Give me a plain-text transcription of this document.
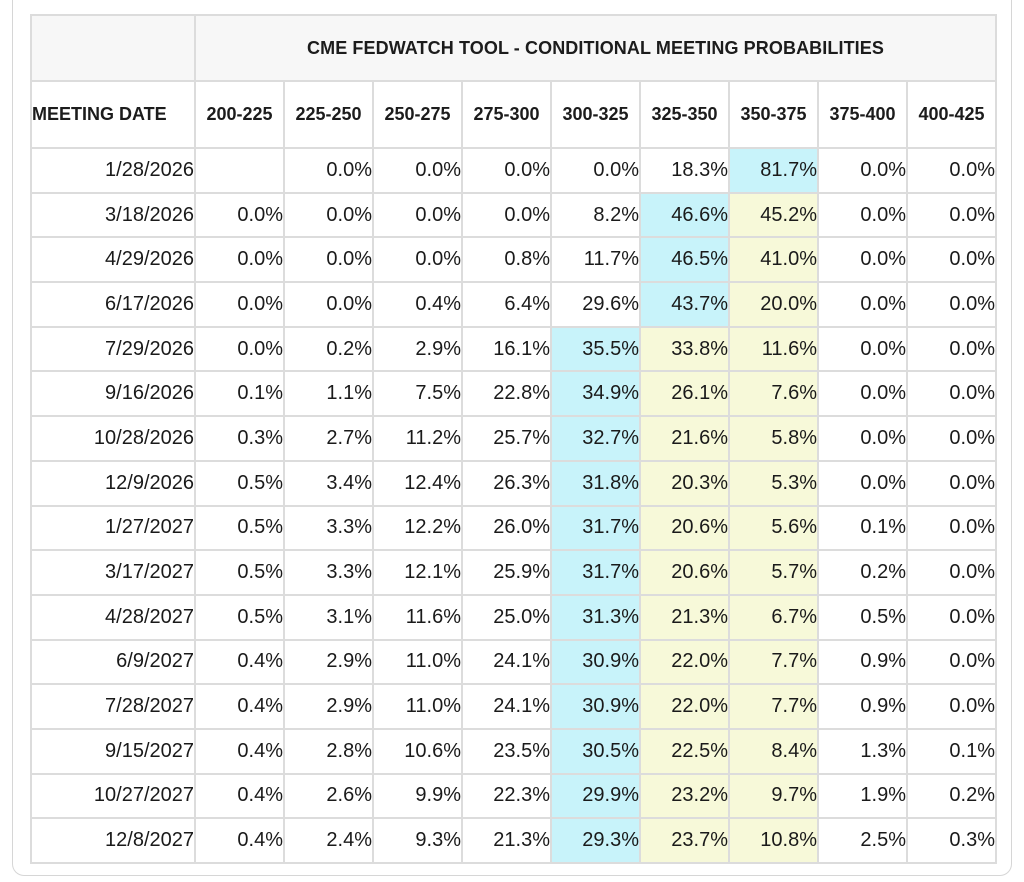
	CME FEDWATCH TOOL - CONDITIONAL MEETING PROBABILITIES								
MEETING DATE	200-225	225-250	250-275	275-300	300-325	325-350	350-375	375-400	400-425
1/28/2026		0.0%	0.0%	0.0%	0.0%	18.3%	81.7%	0.0%	0.0%
3/18/2026	0.0%	0.0%	0.0%	0.0%	8.2%	46.6%	45.2%	0.0%	0.0%
4/29/2026	0.0%	0.0%	0.0%	0.8%	11.7%	46.5%	41.0%	0.0%	0.0%
6/17/2026	0.0%	0.0%	0.4%	6.4%	29.6%	43.7%	20.0%	0.0%	0.0%
7/29/2026	0.0%	0.2%	2.9%	16.1%	35.5%	33.8%	11.6%	0.0%	0.0%
9/16/2026	0.1%	1.1%	7.5%	22.8%	34.9%	26.1%	7.6%	0.0%	0.0%
10/28/2026	0.3%	2.7%	11.2%	25.7%	32.7%	21.6%	5.8%	0.0%	0.0%
12/9/2026	0.5%	3.4%	12.4%	26.3%	31.8%	20.3%	5.3%	0.0%	0.0%
1/27/2027	0.5%	3.3%	12.2%	26.0%	31.7%	20.6%	5.6%	0.1%	0.0%
3/17/2027	0.5%	3.3%	12.1%	25.9%	31.7%	20.6%	5.7%	0.2%	0.0%
4/28/2027	0.5%	3.1%	11.6%	25.0%	31.3%	21.3%	6.7%	0.5%	0.0%
6/9/2027	0.4%	2.9%	11.0%	24.1%	30.9%	22.0%	7.7%	0.9%	0.0%
7/28/2027	0.4%	2.9%	11.0%	24.1%	30.9%	22.0%	7.7%	0.9%	0.0%
9/15/2027	0.4%	2.8%	10.6%	23.5%	30.5%	22.5%	8.4%	1.3%	0.1%
10/27/2027	0.4%	2.6%	9.9%	22.3%	29.9%	23.2%	9.7%	1.9%	0.2%
12/8/2027	0.4%	2.4%	9.3%	21.3%	29.3%	23.7%	10.8%	2.5%	0.3%
